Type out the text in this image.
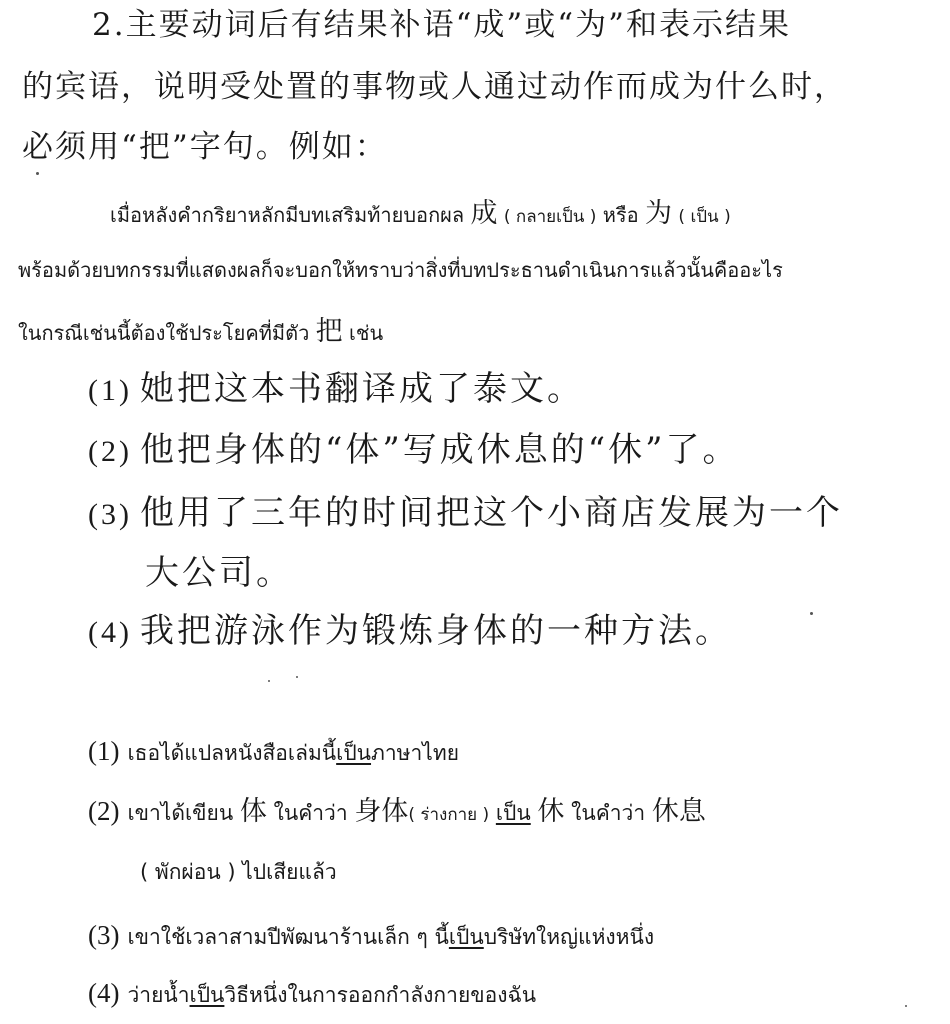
2.主要动词后有结果补语“成”或“为”和表示结果
的宾语，说明受处置的事物或人通过动作而成为什么时，
必须用“把”字句。例如：
เมื่อหลังคำกริยาหลักมีบทเสริมท้ายบอกผล 成 ( กลายเป็น ) หรือ 为 ( เป็น )
พร้อมด้วยบทกรรมที่แสดงผลก็จะบอกให้ทราบว่าสิ่งที่บทประธานดำเนินการแล้วนั้นคืออะไร
ในกรณีเช่นนี้ต้องใช้ประโยคที่มีตัว 把 เช่น
(1) 她把这本书翻译成了泰文。
(2) 他把身体的“体”写成休息的“休”了。
(3) 他用了三年的时间把这个小商店发展为一个
大公司。
(4) 我把游泳作为锻炼身体的一种方法。
(1) เธอได้แปลหนังสือเล่มนี้เป็นภาษาไทย
(2) เขาได้เขียน 体 ในคำว่า 身体( ร่างกาย ) เป็น 休 ในคำว่า 休息
( พักผ่อน ) ไปเสียแล้ว
(3) เขาใช้เวลาสามปีพัฒนาร้านเล็ก ๆ นี้เป็นบริษัทใหญ่แห่งหนึ่ง
(4) ว่ายน้ำเป็นวิธีหนึ่งในการออกกำลังกายของฉัน
